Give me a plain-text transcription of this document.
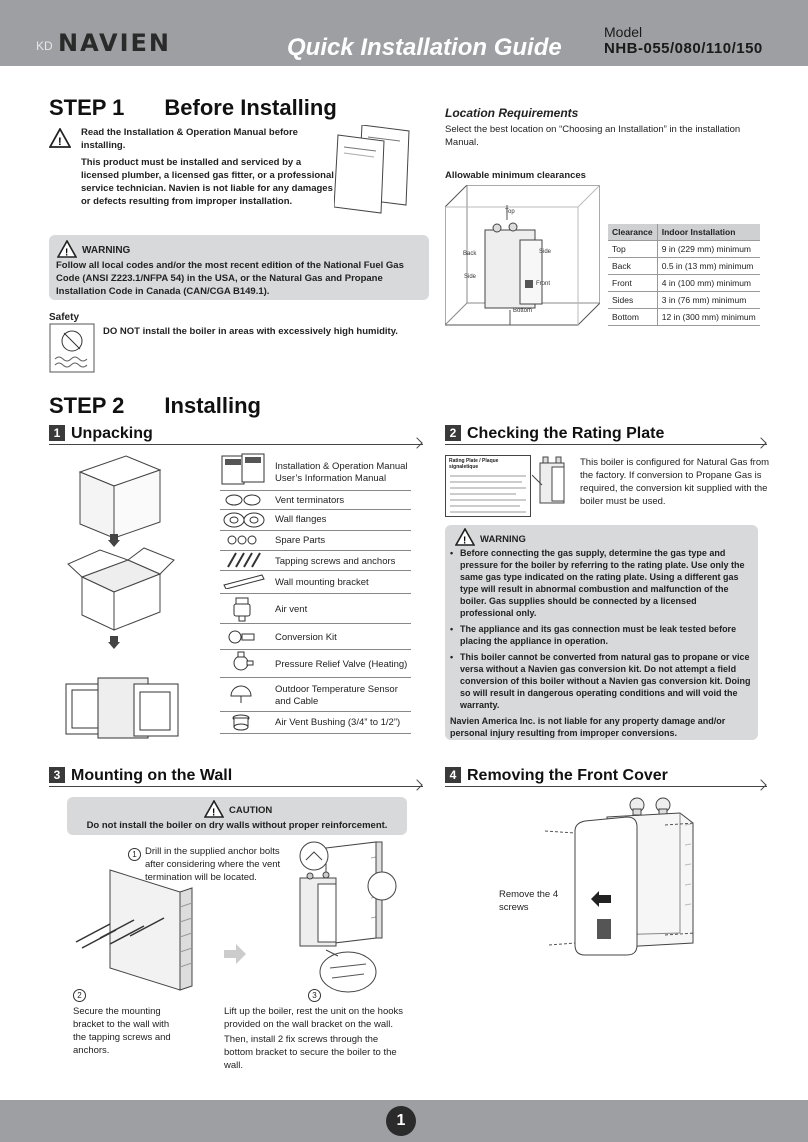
KD NAVIEN	Quick Installation Guide
Model
NHB-055/080/110/150
STEP 1 Before Installing
!
Read the Installation & Operation Manual before installing.
This product must be installed and serviced by a licensed plumber, a licensed gas fitter, or a professional service technician. Navien is not liable for any damages or defects resulting from improper installation.
! WARNING
Follow all local codes and/or the most recent edition of the National Fuel Gas Code (ANSI Z223.1/NFPA 54) in the USA, or the Natural Gas and Propane Installation Code in Canada (CAN/CGA B149.1).
Safety
DO NOT install the boiler in areas with excessively high humidity.
Location Requirements
Select the best location on “Choosing an Installation” in the installation Manual.
Allowable minimum clearances
Top
Back	Side
Side
Front
Bottom
Clearance	Indoor Installation
Top	9 in (229 mm) minimum
Back	0.5 in (13 mm) minimum
Front	4 in (100 mm) minimum
Sides	3 in (76 mm) minimum
Bottom	12 in (300 mm) minimum
STEP 2 Installing
1 Unpacking
Installation & Operation Manual
User’s Information Manual
Vent terminators
Wall flanges
Spare Parts
Tapping screws and anchors
Wall mounting bracket
Air vent
Conversion Kit
Pressure Relief Valve (Heating)
Outdoor Temperature Sensor
and Cable
Air Vent Bushing (3/4” to 1/2”)
2 Checking the Rating Plate
Rating Plate / Plaque signaletique	This boiler is configured for Natural Gas from the factory. If conversion to Propane Gas is required, the conversion kit supplied with the boiler must be used.
! WARNING
• Before connecting the gas supply, determine the gas type and pressure for the boiler by referring to the rating plate. Use only the same gas type indicated on the rating plate. Using a different gas type will result in abnormal combustion and malfunction of the boiler. Gas supplies should be connected by a licensed professional only.
• The appliance and its gas connection must be leak tested before placing the appliance in operation.
• This boiler cannot be converted from natural gas to propane or vice versa without a Navien gas conversion kit. Do not attempt a field conversion of this boiler without a Navien gas conversion kit. Doing so will result in dangerous operating conditions and will void the warranty.
Navien America Inc. is not liable for any property damage and/or personal injury resulting from improper conversions.
3 Mounting on the Wall
! CAUTION
Do not install the boiler on dry walls without proper reinforcement.
1 Drill in the supplied anchor bolts after considering where the vent termination will be located.
2
Secure the mounting bracket to the wall with the tapping screws and anchors.
3
Lift up the boiler, rest the unit on the hooks provided on the wall bracket on the wall.
Then, install 2 fix screws through the bottom bracket to secure the boiler to the wall.
4 Removing the Front Cover
Remove the 4 screws
1
